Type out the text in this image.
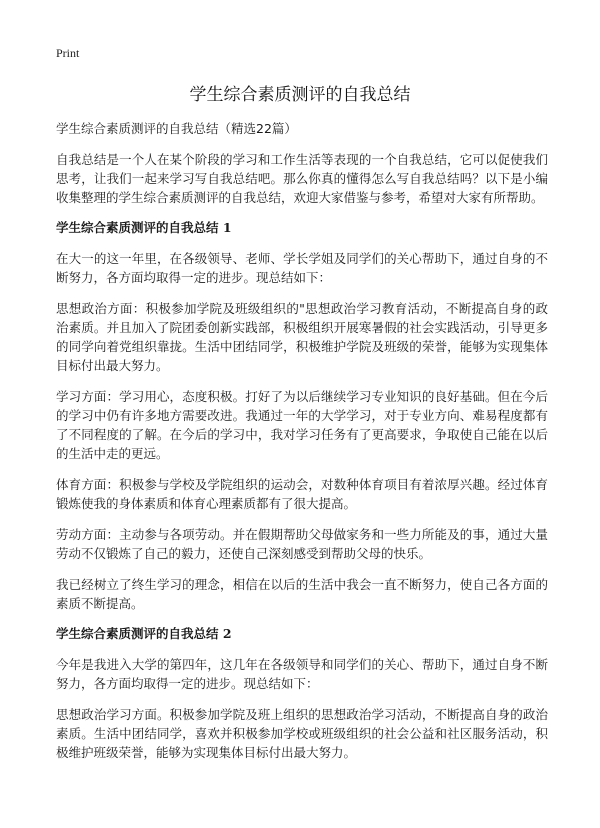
Print
学生综合素质测评的自我总结

学生综合素质测评的自我总结（精选22篇）

自我总结是一个人在某个阶段的学习和工作生活等表现的一个自我总结，它可以促使我们思考，让我们一起来学习写自我总结吧。那么你真的懂得怎么写自我总结吗？以下是小编收集整理的学生综合素质测评的自我总结，欢迎大家借鉴与参考，希望对大家有所帮助。

学生综合素质测评的自我总结 1

在大一的这一年里，在各级领导、老师、学长学姐及同学们的关心帮助下，通过自身的不断努力，各方面均取得一定的进步。现总结如下：

思想政治方面：积极参加学院及班级组织的"思想政治学习教育活动，不断提高自身的政治素质。并且加入了院团委创新实践部，积极组织开展寒暑假的社会实践活动，引导更多的同学向着党组织靠拢。生活中团结同学，积极维护学院及班级的荣誉，能够为实现集体目标付出最大努力。

学习方面：学习用心，态度积极。打好了为以后继续学习专业知识的良好基础。但在今后的学习中仍有许多地方需要改进。我通过一年的大学学习，对于专业方向、难易程度都有了不同程度的了解。在今后的学习中，我对学习任务有了更高要求，争取使自己能在以后的生活中走的更远。

体育方面：积极参与学校及学院组织的运动会，对数种体育项目有着浓厚兴趣。经过体育锻炼使我的身体素质和体育心理素质都有了很大提高。

劳动方面：主动参与各项劳动。并在假期帮助父母做家务和一些力所能及的事，通过大量劳动不仅锻炼了自己的毅力，还使自己深刻感受到帮助父母的快乐。

我已经树立了终生学习的理念，相信在以后的生活中我会一直不断努力，使自己各方面的素质不断提高。

学生综合素质测评的自我总结 2

今年是我进入大学的第四年，这几年在各级领导和同学们的关心、帮助下，通过自身不断努力，各方面均取得一定的进步。现总结如下：

思想政治学习方面。积极参加学院及班上组织的思想政治学习活动，不断提高自身的政治素质。生活中团结同学，喜欢并积极参加学校或班级组织的社会公益和社区服务活动，积极维护班级荣誉，能够为实现集体目标付出最大努力。
